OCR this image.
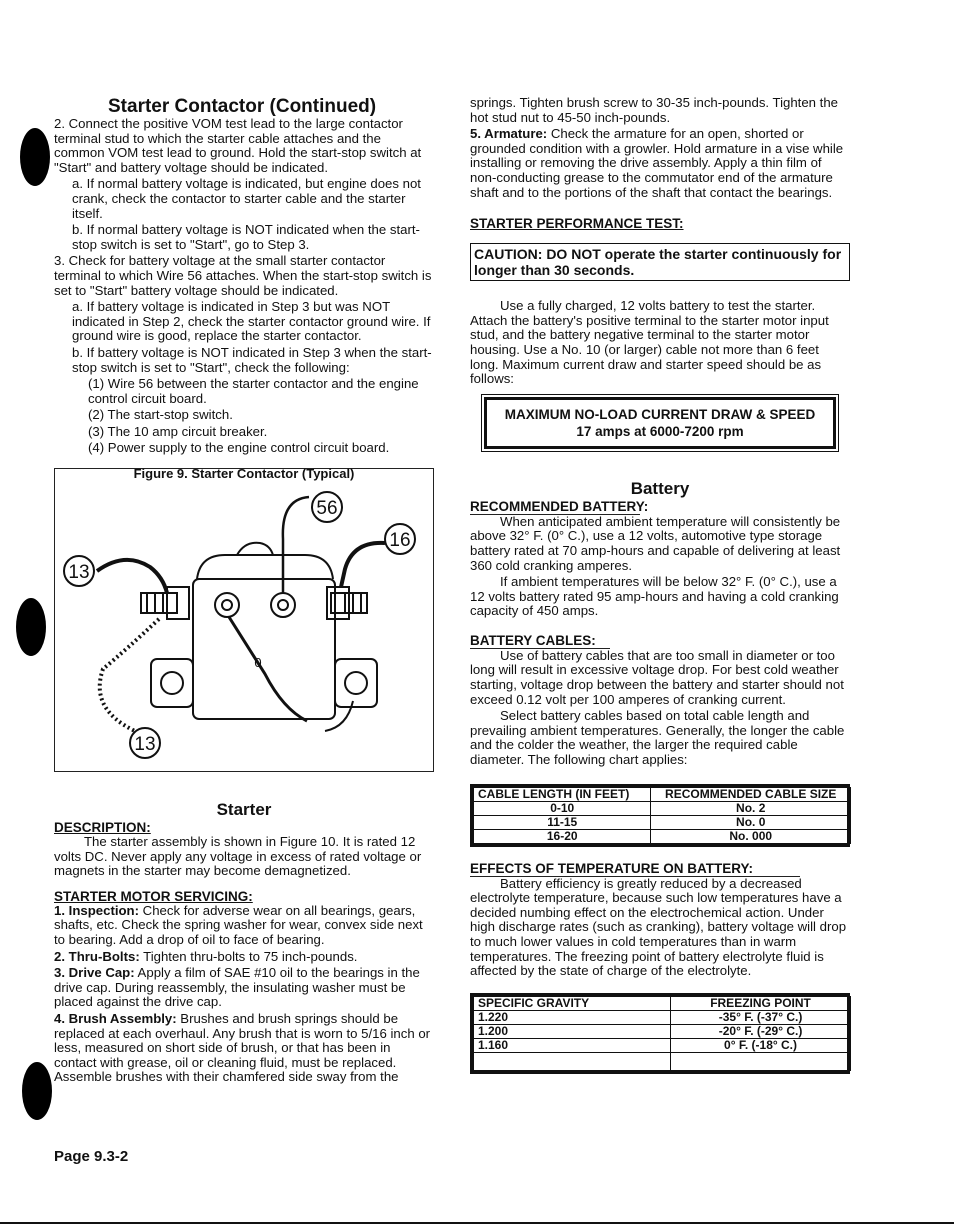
Starter Contactor (Continued)

2. Connect the positive VOM test lead to the large contactor terminal stud to which the starter cable attaches and the common VOM test lead to ground. Hold the start-stop switch at "Start" and battery voltage should be indicated.

a. If normal battery voltage is indicated, but engine does not crank, check the contactor to starter cable and the starter itself.

b. If normal battery voltage is NOT indicated when the start-stop switch is set to "Start", go to Step 3.

3. Check for battery voltage at the small starter contactor terminal to which Wire 56 attaches. When the start-stop switch is set to "Start" battery voltage should be indicated.

a. If battery voltage is indicated in Step 3 but was NOT indicated in Step 2, check the starter contactor ground wire. If ground wire is good, replace the starter contactor.

b. If battery voltage is NOT indicated in Step 3 when the start-stop switch is set to "Start", check the following:

(1) Wire 56 between the starter contactor and the engine control circuit board.

(2) The start-stop switch.

(3) The 10 amp circuit breaker.

(4) Power supply to the engine control circuit board.

Figure 9. Starter Contactor (Typical)
56
16
13
13
0
Starter

DESCRIPTION:

The starter assembly is shown in Figure 10. It is rated 12 volts DC. Never apply any voltage in excess of rated voltage or magnets in the starter may become demagnetized.

STARTER MOTOR SERVICING:

1. Inspection: Check for adverse wear on all bearings, gears, shafts, etc. Check the spring washer for wear, convex side next to bearing. Add a drop of oil to face of bearing.

2. Thru-Bolts: Tighten thru-bolts to 75 inch-pounds.

3. Drive Cap: Apply a film of SAE #10 oil to the bearings in the drive cap. During reassembly, the insulating washer must be placed against the drive cap.

4. Brush Assembly: Brushes and brush springs should be replaced at each overhaul. Any brush that is worn to 5/16 inch or less, measured on short side of brush, or that has been in contact with grease, oil or cleaning fluid, must be replaced. Assemble brushes with their chamfered side sway from the

springs. Tighten brush screw to 30-35 inch-pounds. Tighten the hot stud nut to 45-50 inch-pounds.

5. Armature: Check the armature for an open, shorted or grounded condition with a growler. Hold armature in a vise while installing or removing the drive assembly. Apply a thin film of non-conducting grease to the commutator end of the armature shaft and to the portions of the shaft that contact the bearings.

STARTER PERFORMANCE TEST:

CAUTION: DO NOT operate the starter continuously for longer than 30 seconds.

Use a fully charged, 12 volts battery to test the starter. Attach the battery's positive terminal to the starter motor input stud, and the battery negative terminal to the starter motor housing. Use a No. 10 (or larger) cable not more than 6 feet long. Maximum current draw and starter speed should be as follows:

MAXIMUM NO-LOAD CURRENT DRAW & SPEED
17 amps at 6000-7200 rpm
Battery

RECOMMENDED BATTERY:

When anticipated ambient temperature will consistently be above 32° F. (0° C.), use a 12 volts, automotive type storage battery rated at 70 amp-hours and capable of delivering at least 360 cold cranking amperes.

If ambient temperatures will be below 32° F. (0° C.), use a 12 volts battery rated 95 amp-hours and having a cold cranking capacity of 450 amps.

BATTERY CABLES:

Use of battery cables that are too small in diameter or too long will result in excessive voltage drop. For best cold weather starting, voltage drop between the battery and starter should not exceed 0.12 volt per 100 amperes of cranking current.

Select battery cables based on total cable length and prevailing ambient temperatures. Generally, the longer the cable and the colder the weather, the larger the required cable diameter. The following chart applies:

CABLE LENGTH (IN FEET)	RECOMMENDED CABLE SIZE
0-10	No. 2
11-15	No. 0
16-20	No. 000

EFFECTS OF TEMPERATURE ON BATTERY:

Battery efficiency is greatly reduced by a decreased electrolyte temperature, because such low temperatures have a decided numbing effect on the electrochemical action. Under high discharge rates (such as cranking), battery voltage will drop to much lower values in cold temperatures than in warm temperatures. The freezing point of battery electrolyte fluid is affected by the state of charge of the electrolyte.

SPECIFIC GRAVITY	FREEZING POINT
1.220	-35° F. (-37° C.)
1.200	-20° F. (-29° C.)
1.160	0° F. (-18° C.)

Page 9.3-2
